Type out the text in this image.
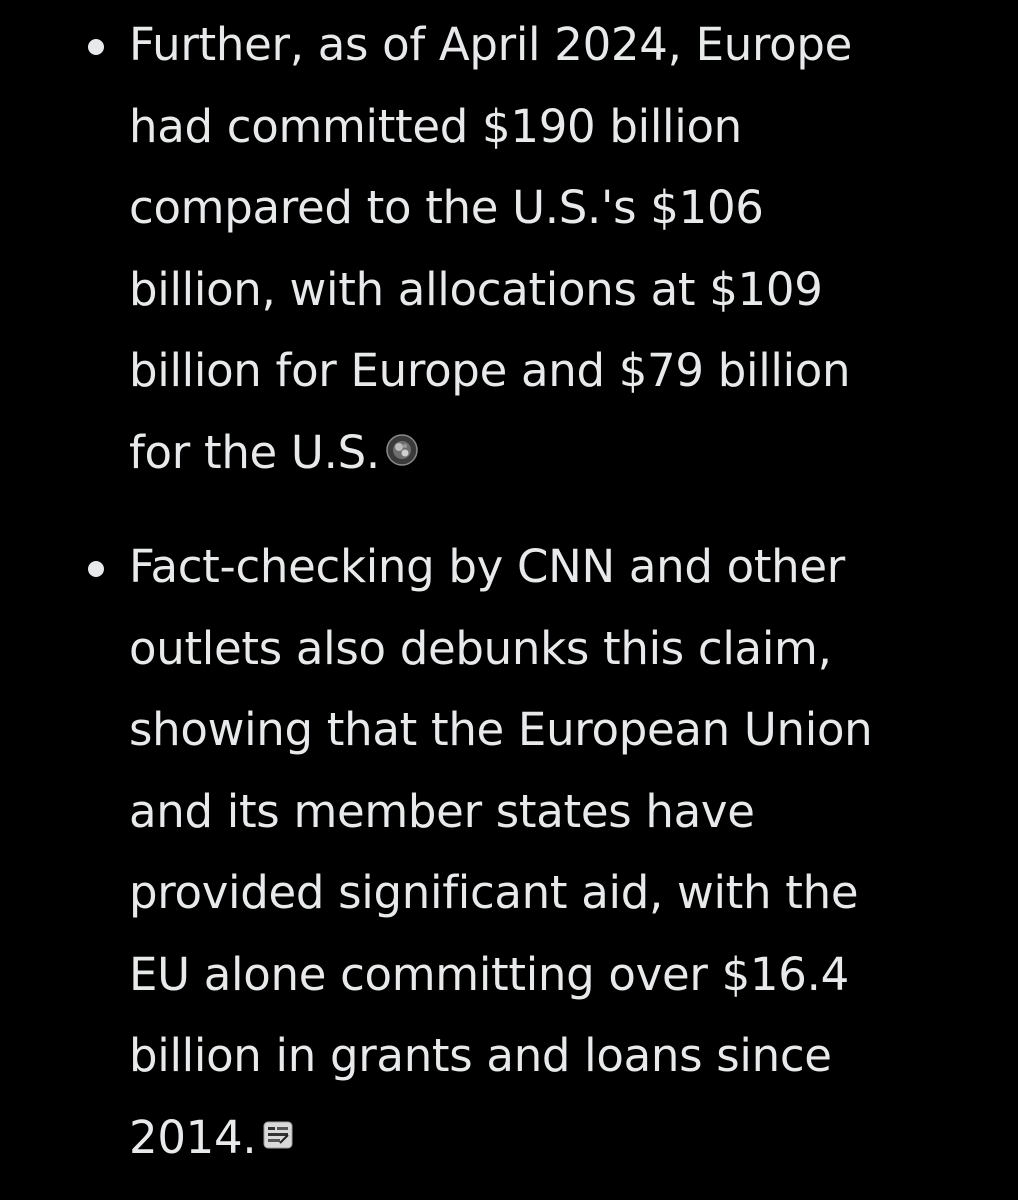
Further, as of April 2024, Europe
had committed $190 billion
compared to the U.S.'s $106
billion, with allocations at $109
billion for Europe and $79 billion
for the U.S.
Fact-checking by CNN and other
outlets also debunks this claim,
showing that the European Union
and its member states have
provided significant aid, with the
EU alone committing over $16.4
billion in grants and loans since
2014.
